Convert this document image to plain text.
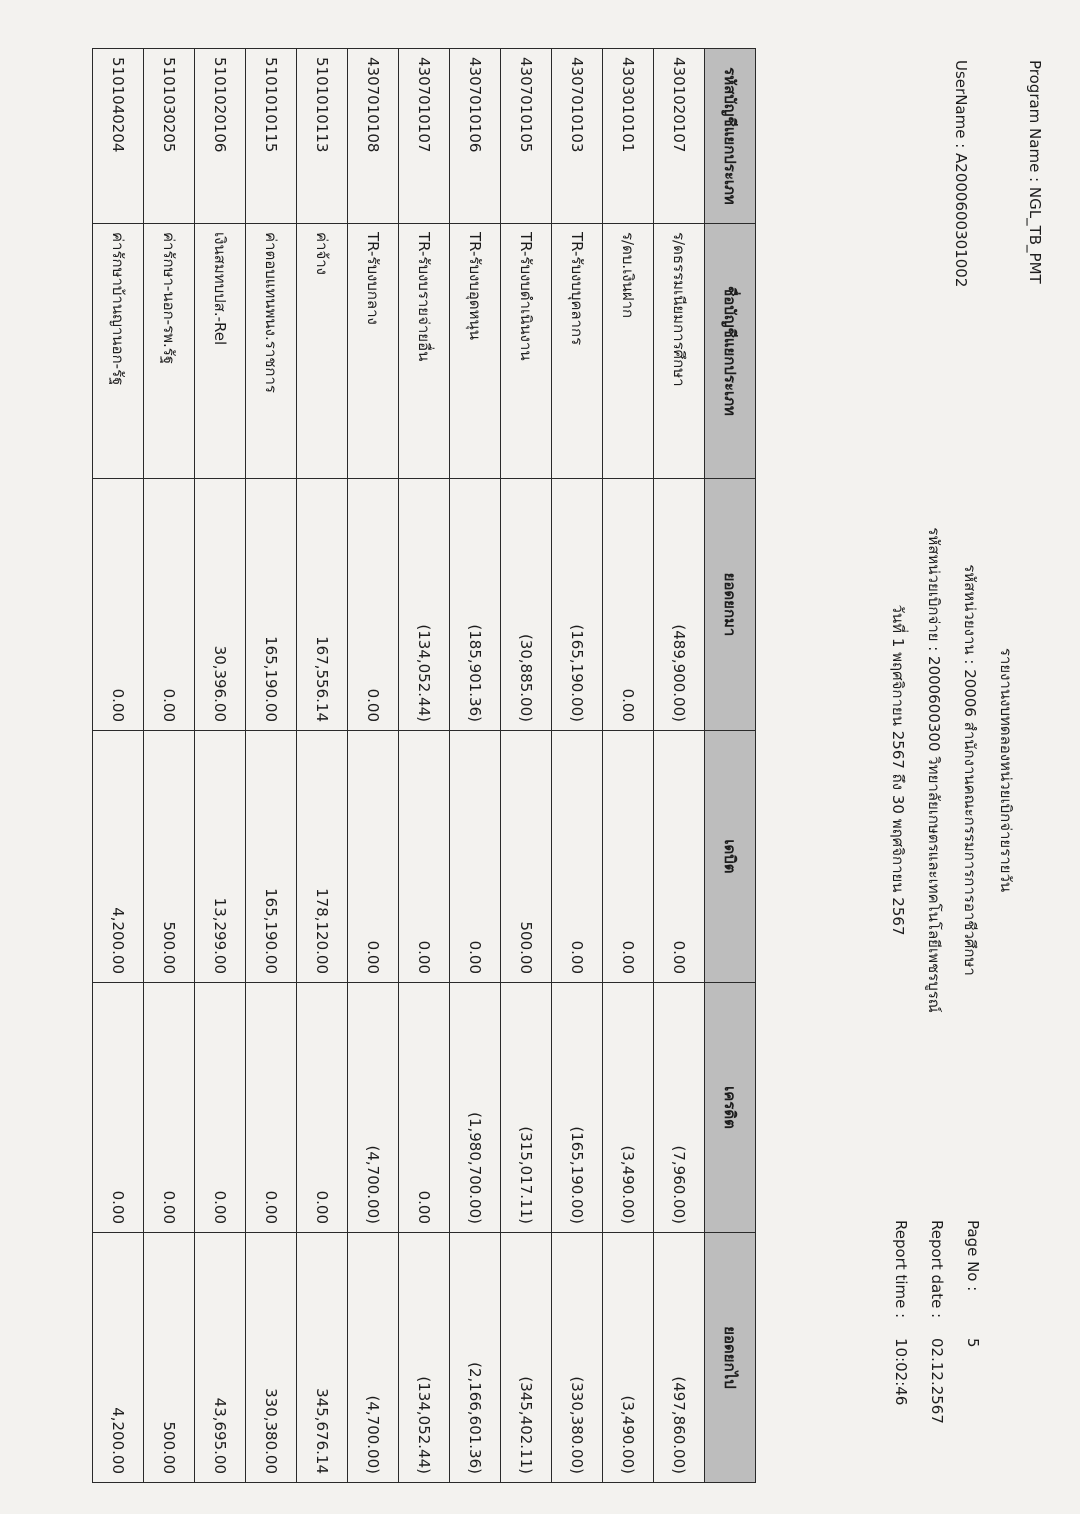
Program Name : NGL_TB_PMT
UserName : A2000600301002
รายงานงบทดลองหน่วยเบิกจ่ายรายวัน
รหัสหน่วยงาน : 20006 สำนักงานคณะกรรมการการอาชีวศึกษา
รหัสหน่วยเบิกจ่าย : 2000600300 วิทยาลัยเกษตรและเทคโนโลยีเพชรบูรณ์
วันที่ 1 พฤศจิกายน 2567 ถึง 30 พฤศจิกายน 2567
Page No :5
Report date :02.12.2567
Report time :10:02:46
รหัสบัญชีแยกประเภท	ชื่อบัญชีแยกประเภท	ยอดยกมา	เดบิต	เครดิต	ยอดยกไป
4301020107	ร/ดธรรมเนียมการศึกษา	(489,900.00)	0.00	(7,960.00)	(497,860.00)
4303010101	ร/ดบ.เงินฝาก	0.00	0.00	(3,490.00)	(3,490.00)
4307010103	TR-รับงบบุคลากร	(165,190.00)	0.00	(165,190.00)	(330,380.00)
4307010105	TR-รับงบดำเนินงาน	(30,885.00)	500.00	(315,017.11)	(345,402.11)
4307010106	TR-รับงบอุดหนุน	(185,901.36)	0.00	(1,980,700.00)	(2,166,601.36)
4307010107	TR-รับงบรายจ่ายอื่น	(134,052.44)	0.00	0.00	(134,052.44)
4307010108	TR-รับงบกลาง	0.00	0.00	(4,700.00)	(4,700.00)
5101010113	ค่าจ้าง	167,556.14	178,120.00	0.00	345,676.14
5101010115	ค่าตอบแทนพนง.ราชการ	165,190.00	165,190.00	0.00	330,380.00
5101020106	เงินสมทบปส.-Rel	30,396.00	13,299.00	0.00	43,695.00
5101030205	ค่ารักษา-นอก-รพ.รัฐ	0.00	500.00	0.00	500.00
5101040204	ค่ารักษาบ้านญานอก-รัฐ	0.00	4,200.00	0.00	4,200.00
